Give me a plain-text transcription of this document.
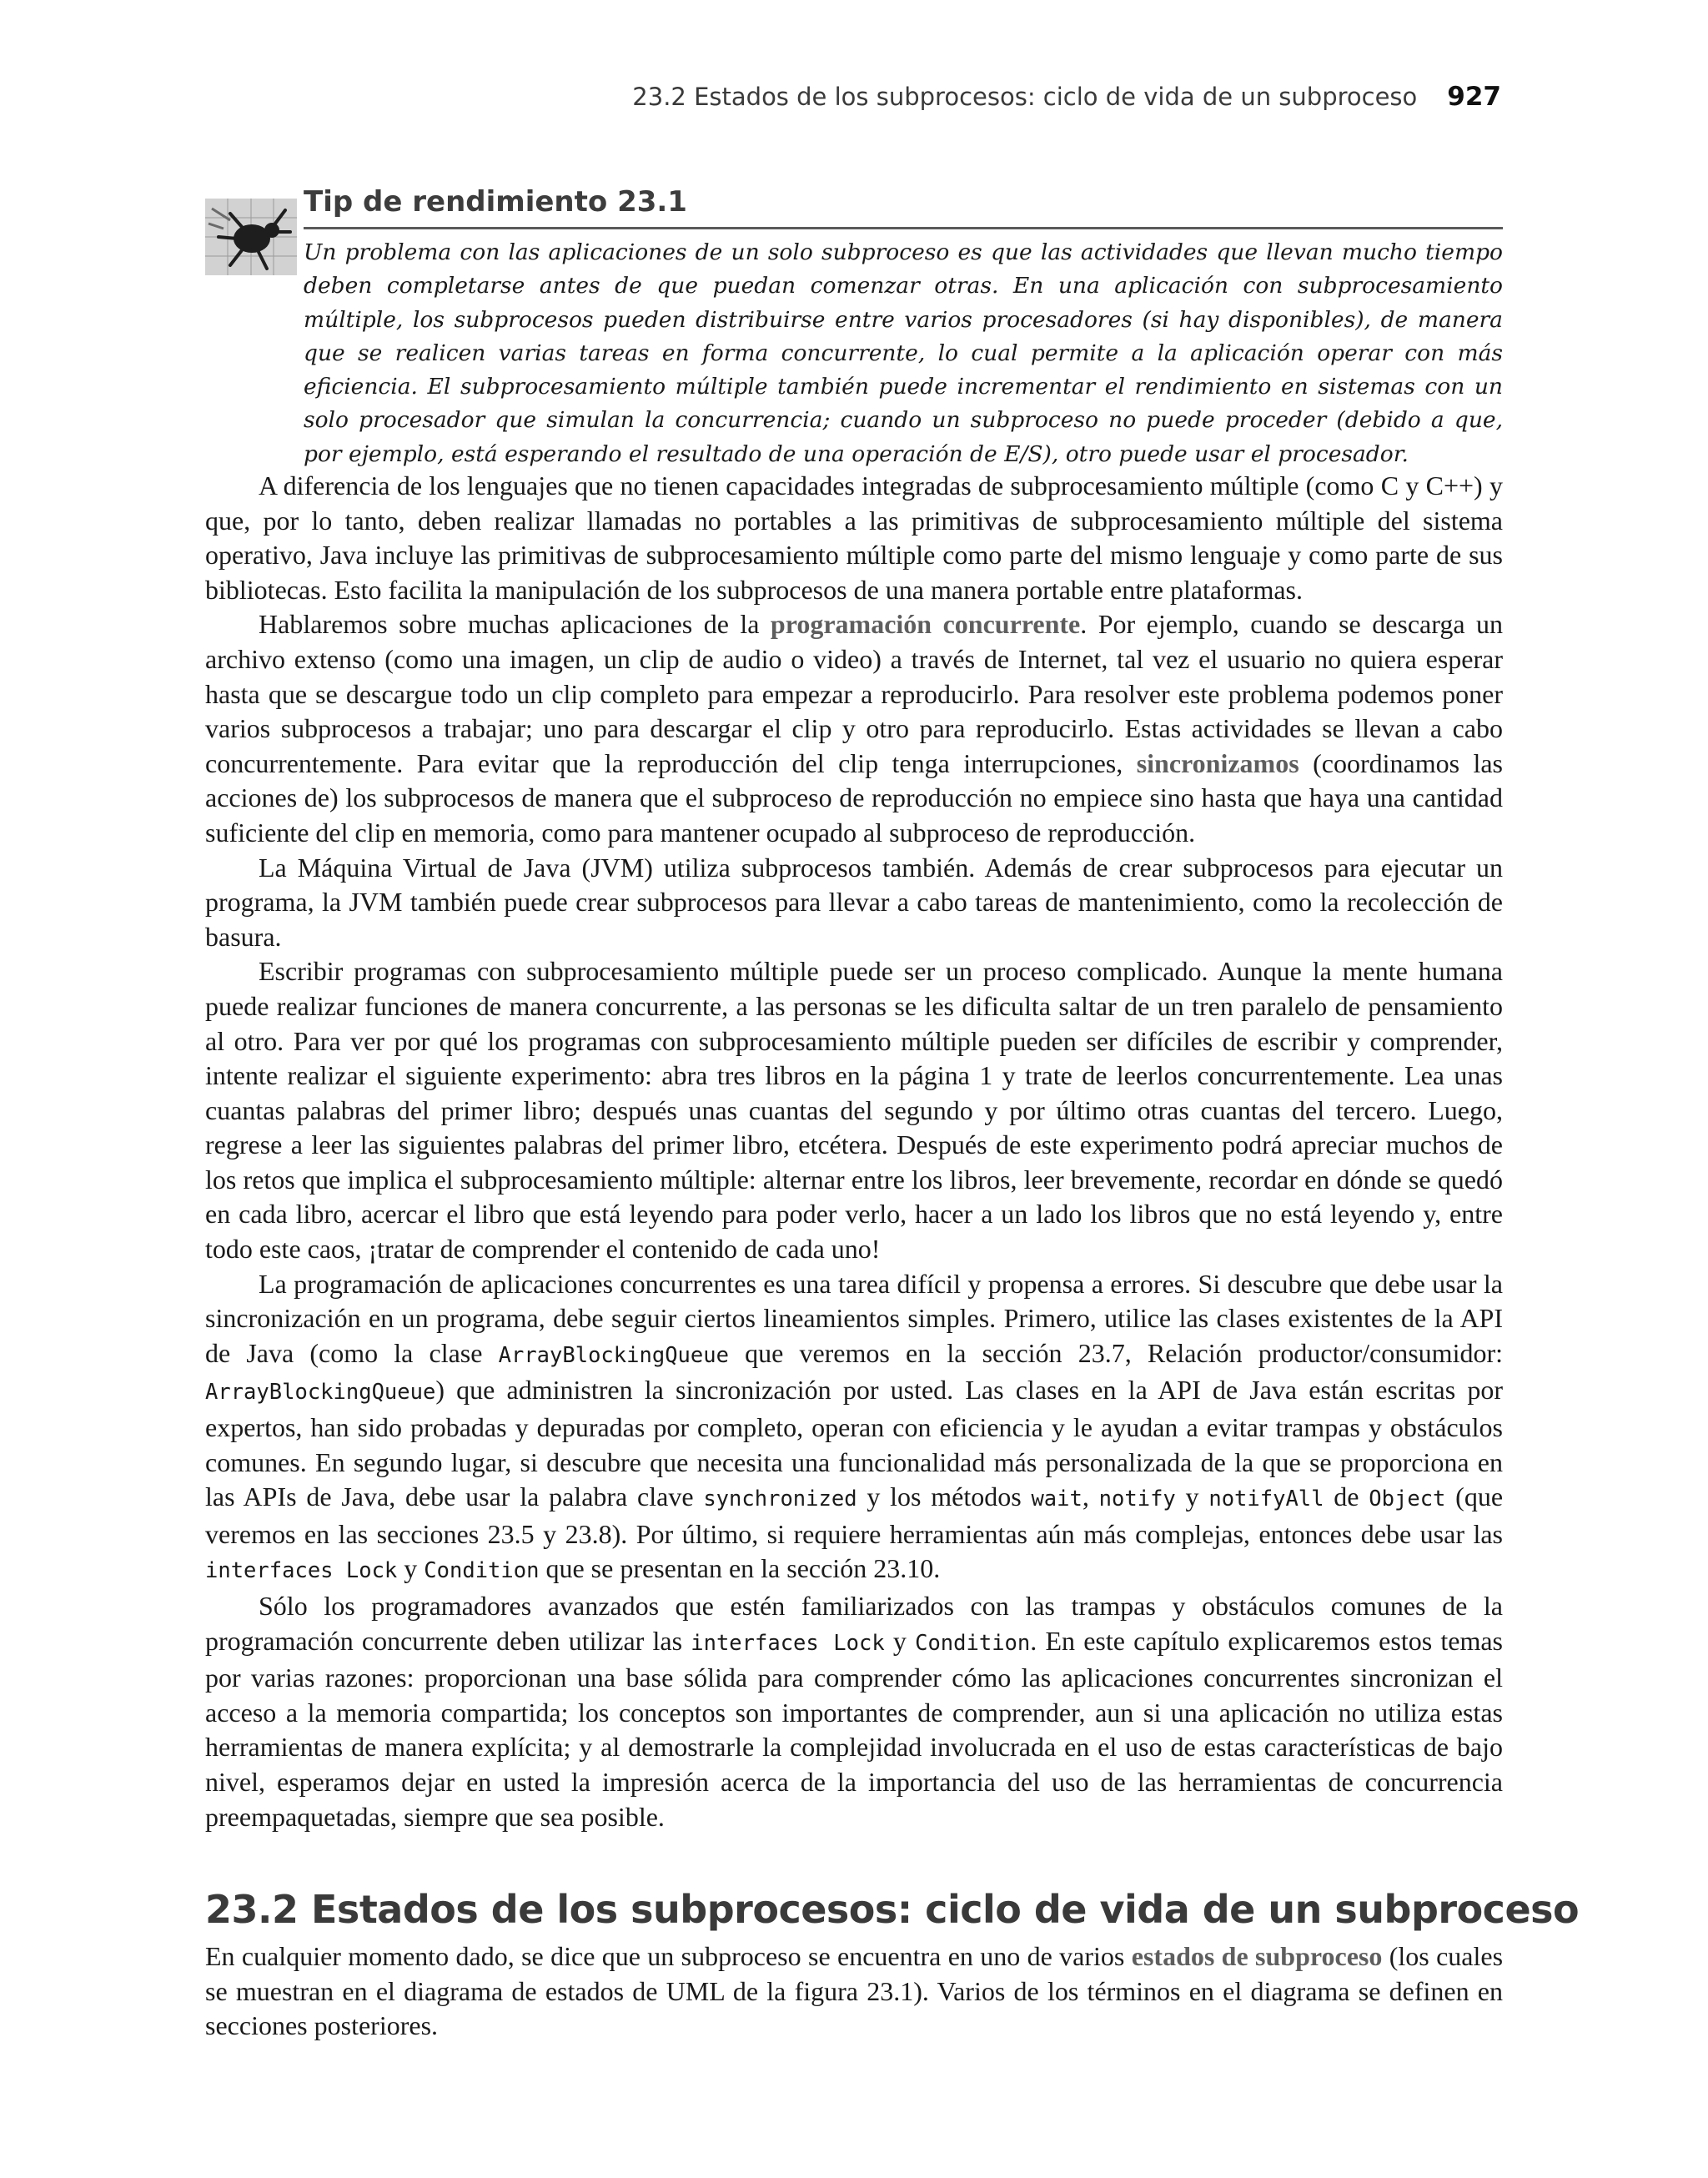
23.2 Estados de los subprocesos: ciclo de vida de un subproceso 927
Tip de rendimiento 23.1
Un problema con las aplicaciones de un solo subproceso es que las actividades que llevan mucho tiempo deben completarse antes de que puedan comenzar otras. En una aplicación con subprocesamiento múltiple, los subprocesos pueden distribuirse entre varios procesadores (si hay disponibles), de manera que se realicen varias tareas en forma concurrente, lo cual permite a la aplicación operar con más eficiencia. El subprocesamiento múltiple también puede incrementar el rendimiento en sistemas con un solo procesador que simulan la concurrencia; cuando un subproceso no puede proceder (debido a que, por ejemplo, está esperando el resultado de una operación de E/S), otro puede usar el procesador.

A diferencia de los lenguajes que no tienen capacidades integradas de subprocesamiento múltiple (como C y C++) y que, por lo tanto, deben realizar llamadas no portables a las primitivas de subprocesamiento múltiple del sistema operativo, Java incluye las primitivas de subprocesamiento múltiple como parte del mismo lenguaje y como parte de sus bibliotecas. Esto facilita la manipulación de los subprocesos de una manera portable entre plataformas.

Hablaremos sobre muchas aplicaciones de la programación concurrente. Por ejemplo, cuando se descarga un archivo extenso (como una imagen, un clip de audio o video) a través de Internet, tal vez el usuario no quiera esperar hasta que se descargue todo un clip completo para empezar a reproducirlo. Para resolver este problema podemos poner varios subprocesos a trabajar; uno para descargar el clip y otro para reproducirlo. Estas actividades se llevan a cabo concurrentemente. Para evitar que la reproducción del clip tenga interrupciones, sincronizamos (coordinamos las acciones de) los subprocesos de manera que el subproceso de reproducción no empiece sino hasta que haya una cantidad suficiente del clip en memoria, como para mantener ocupado al subproceso de reproducción.

La Máquina Virtual de Java (JVM) utiliza subprocesos también. Además de crear subprocesos para ejecutar un programa, la JVM también puede crear subprocesos para llevar a cabo tareas de mantenimiento, como la recolección de basura.

Escribir programas con subprocesamiento múltiple puede ser un proceso complicado. Aunque la mente humana puede realizar funciones de manera concurrente, a las personas se les dificulta saltar de un tren paralelo de pensamiento al otro. Para ver por qué los programas con subprocesamiento múltiple pueden ser difíciles de escribir y comprender, intente realizar el siguiente experimento: abra tres libros en la página 1 y trate de leerlos concurrentemente. Lea unas cuantas palabras del primer libro; después unas cuantas del segundo y por último otras cuantas del tercero. Luego, regrese a leer las siguientes palabras del primer libro, etcétera. Después de este experimento podrá apreciar muchos de los retos que implica el subprocesamiento múltiple: alternar entre los libros, leer brevemente, recordar en dónde se quedó en cada libro, acercar el libro que está leyendo para poder verlo, hacer a un lado los libros que no está leyendo y, entre todo este caos, ¡tratar de comprender el contenido de cada uno!

La programación de aplicaciones concurrentes es una tarea difícil y propensa a errores. Si descubre que debe usar la sincronización en un programa, debe seguir ciertos lineamientos simples. Primero, utilice las clases existentes de la API de Java (como la clase ArrayBlockingQueue que veremos en la sección 23.7, Relación productor/consumidor: ArrayBlockingQueue) que administren la sincronización por usted. Las clases en la API de Java están escritas por expertos, han sido probadas y depuradas por completo, operan con eficiencia y le ayudan a evitar trampas y obstáculos comunes. En segundo lugar, si descubre que necesita una funcionalidad más personalizada de la que se proporciona en las APIs de Java, debe usar la palabra clave synchronized y los métodos wait, notify y notifyAll de Object (que veremos en las secciones 23.5 y 23.8). Por último, si requiere herramientas aún más complejas, entonces debe usar las interfaces Lock y Condition que se presentan en la sección 23.10.

Sólo los programadores avanzados que estén familiarizados con las trampas y obstáculos comunes de la programación concurrente deben utilizar las interfaces Lock y Condition. En este capítulo explicaremos estos temas por varias razones: proporcionan una base sólida para comprender cómo las aplicaciones concurrentes sincronizan el acceso a la memoria compartida; los conceptos son importantes de comprender, aun si una aplicación no utiliza estas herramientas de manera explícita; y al demostrarle la complejidad involucrada en el uso de estas características de bajo nivel, esperamos dejar en usted la impresión acerca de la importancia del uso de las herramientas de concurrencia preempaquetadas, siempre que sea posible.

23.2 Estados de los subprocesos: ciclo de vida de un subproceso

En cualquier momento dado, se dice que un subproceso se encuentra en uno de varios estados de subproceso (los cuales se muestran en el diagrama de estados de UML de la figura 23.1). Varios de los términos en el diagrama se definen en secciones posteriores.
